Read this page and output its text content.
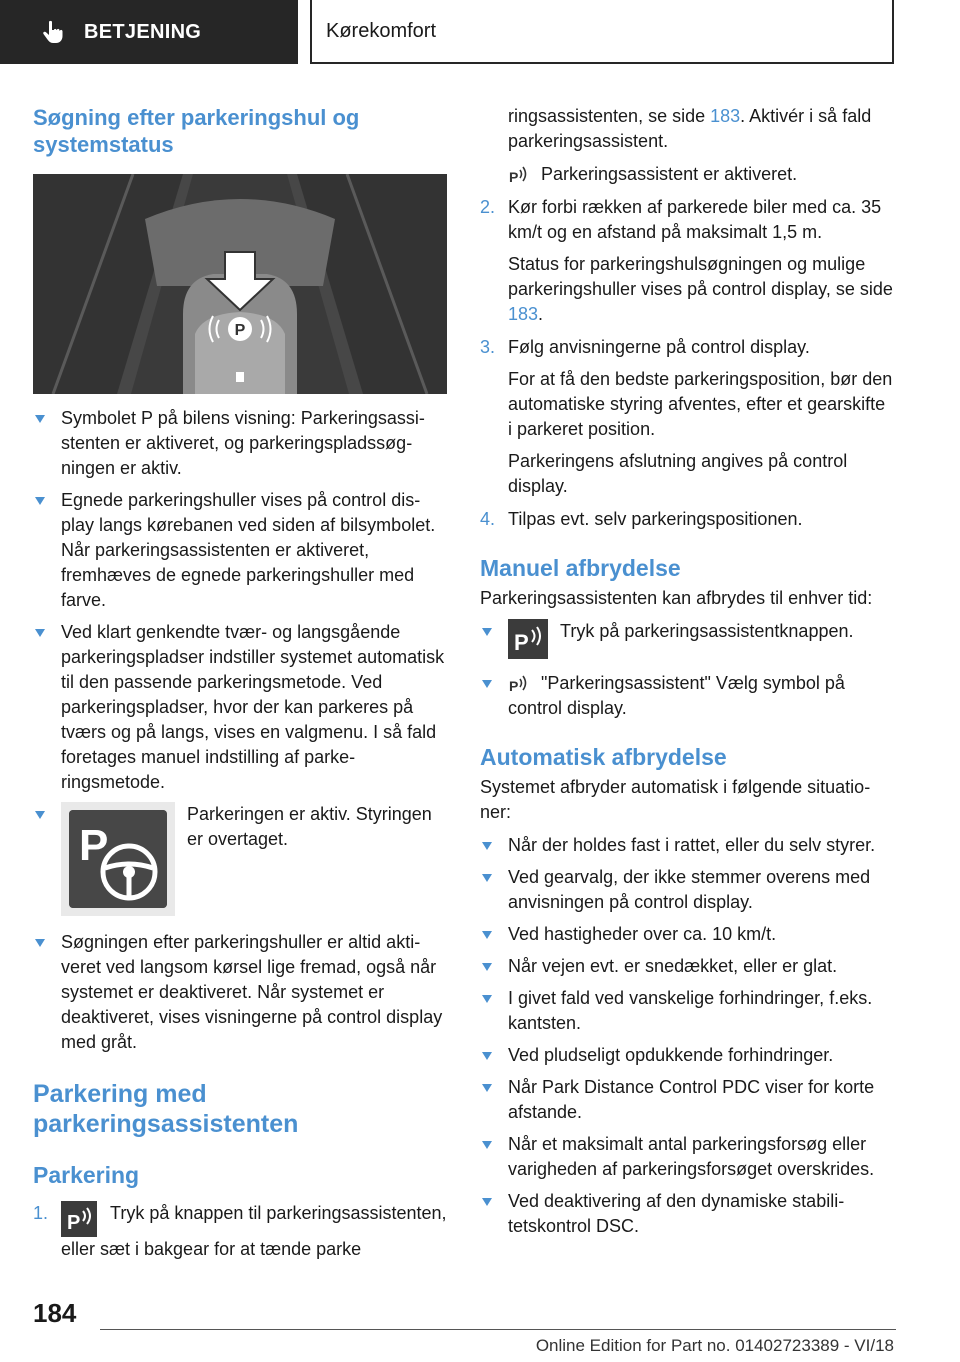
BETJENING	Kørekomfort
Søgning efter parkeringshul og systemstatus
P
Symbolet P på bilens visning: Parkeringsassistenten er aktiveret, og parkeringspladssøgningen er aktiv.
Egnede parkeringshuller vises på control display langs kørebanen ved siden af bilsymbolet. Når parkeringsassistenten er aktiveret, fremhæves de egnede parkeringshuller med farve.
Ved klart genkendte tvær- og langsgående parkeringspladser indstiller systemet automatisk til den passende parkeringsmetode. Ved parkeringspladser, hvor der kan parkeres på tværs og på langs, vises en valgmenu. I så fald foretages manuel indstilling af parkeringsmetode.
P
Parkeringen er aktiv. Styringen er overtaget.
Søgningen efter parkeringshuller er altid aktiveret ved langsom kørsel lige fremad, også når systemet er deaktiveret. Når systemet er deaktiveret, vises visningerne på control display med gråt.
Parkering med parkeringsassistenten
Parkering
1. P Tryk på knappen til parkeringsassistenten, eller sæt i bakgear for at tænde parke

ringsassistenten, se side 183. Aktivér i så fald parkeringsassistent.

P Parkeringsassistent er aktiveret.

2. Kør forbi rækken af parkerede biler med ca. 35 km/t og en afstand på maksimalt 1,5 m.

Status for parkeringshulsøgningen og mulige parkeringshuller vises på control display, se side 183.

3. Følg anvisningerne på control display.

For at få den bedste parkeringsposition, bør den automatiske styring afventes, efter et gearskifte i parkeret position.

Parkeringens afslutning angives på control display.

4. Tilpas evt. selv parkeringspositionen.
Manuel afbrydelse

Parkeringsassistenten kan afbrydes til enhver tid:

P Tryk på parkeringsassistentknappen.
P "Parkeringsassistent" Vælg symbol på control display.
Automatisk afbrydelse

Systemet afbryder automatisk i følgende situationer:

Når der holdes fast i rattet, eller du selv styrer.
Ved gearvalg, der ikke stemmer overens med anvisningen på control display.
Ved hastigheder over ca. 10 km/t.
Når vejen evt. er snedækket, eller er glat.
I givet fald ved vanskelige forhindringer, f.eks. kantsten.
Ved pludseligt opdukkende forhindringer.
Når Park Distance Control PDC viser for korte afstande.
Når et maksimalt antal parkeringsforsøg eller varigheden af parkeringsforsøget overskrides.
Ved deaktivering af den dynamiske stabilitetskontrol DSC.
184
Online Edition for Part no. 01402723389 - VI/18
